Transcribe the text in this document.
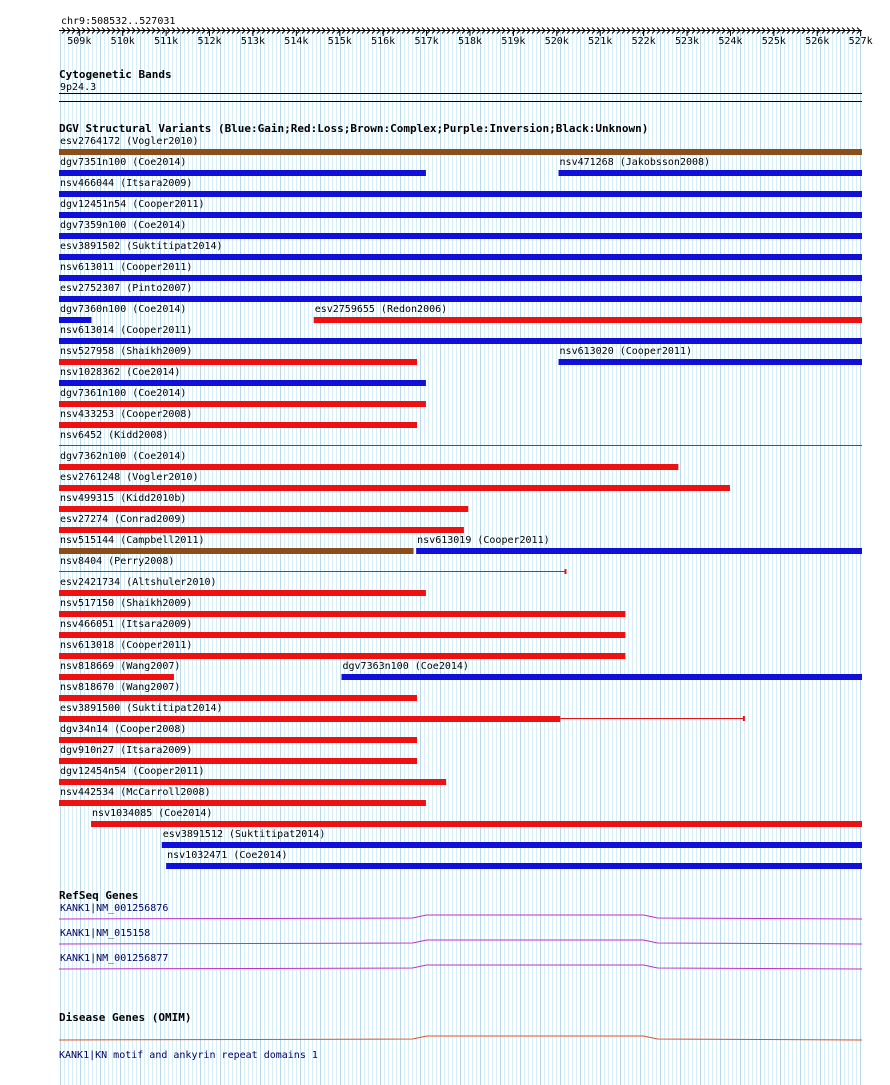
chr9:508532..527031
509k 510k 511k 512k 513k 514k 515k 516k 517k 518k 519k 520k 521k 522k 523k 524k 525k 526k 527k
Cytogenetic Bands
9p24.3
DGV Structural Variants (Blue:Gain;Red:Loss;Brown:Complex;Purple:Inversion;Black:Unknown)
esv2764172 (Vogler2010)
dgv7351n100 (Coe2014)	nsv471268 (Jakobsson2008)
nsv466044 (Itsara2009)
dgv12451n54 (Cooper2011)
dgv7359n100 (Coe2014)
esv3891502 (Suktitipat2014)
nsv613011 (Cooper2011)
esv2752307 (Pinto2007)
dgv7360n100 (Coe2014)	esv2759655 (Redon2006)
nsv613014 (Cooper2011)
nsv527958 (Shaikh2009)	nsv613020 (Cooper2011)
nsv1028362 (Coe2014)
dgv7361n100 (Coe2014)
nsv433253 (Cooper2008)
nsv6452 (Kidd2008)
dgv7362n100 (Coe2014)
esv2761248 (Vogler2010)
nsv499315 (Kidd2010b)
esv27274 (Conrad2009)
nsv515144 (Campbell2011)	nsv613019 (Cooper2011)
nsv8404 (Perry2008)
esv2421734 (Altshuler2010)
nsv517150 (Shaikh2009)
nsv466051 (Itsara2009)
nsv613018 (Cooper2011)
nsv818669 (Wang2007)	dgv7363n100 (Coe2014)
nsv818670 (Wang2007)
esv3891500 (Suktitipat2014)
dgv34n14 (Cooper2008)
dgv910n27 (Itsara2009)
dgv12454n54 (Cooper2011)
nsv442534 (McCarroll2008)
nsv1034085 (Coe2014)
esv3891512 (Suktitipat2014)
nsv1032471 (Coe2014)
RefSeq Genes
KANK1|NM_001256876
KANK1|NM_015158
KANK1|NM_001256877
Disease Genes (OMIM)
KANK1|KN motif and ankyrin repeat domains 1
